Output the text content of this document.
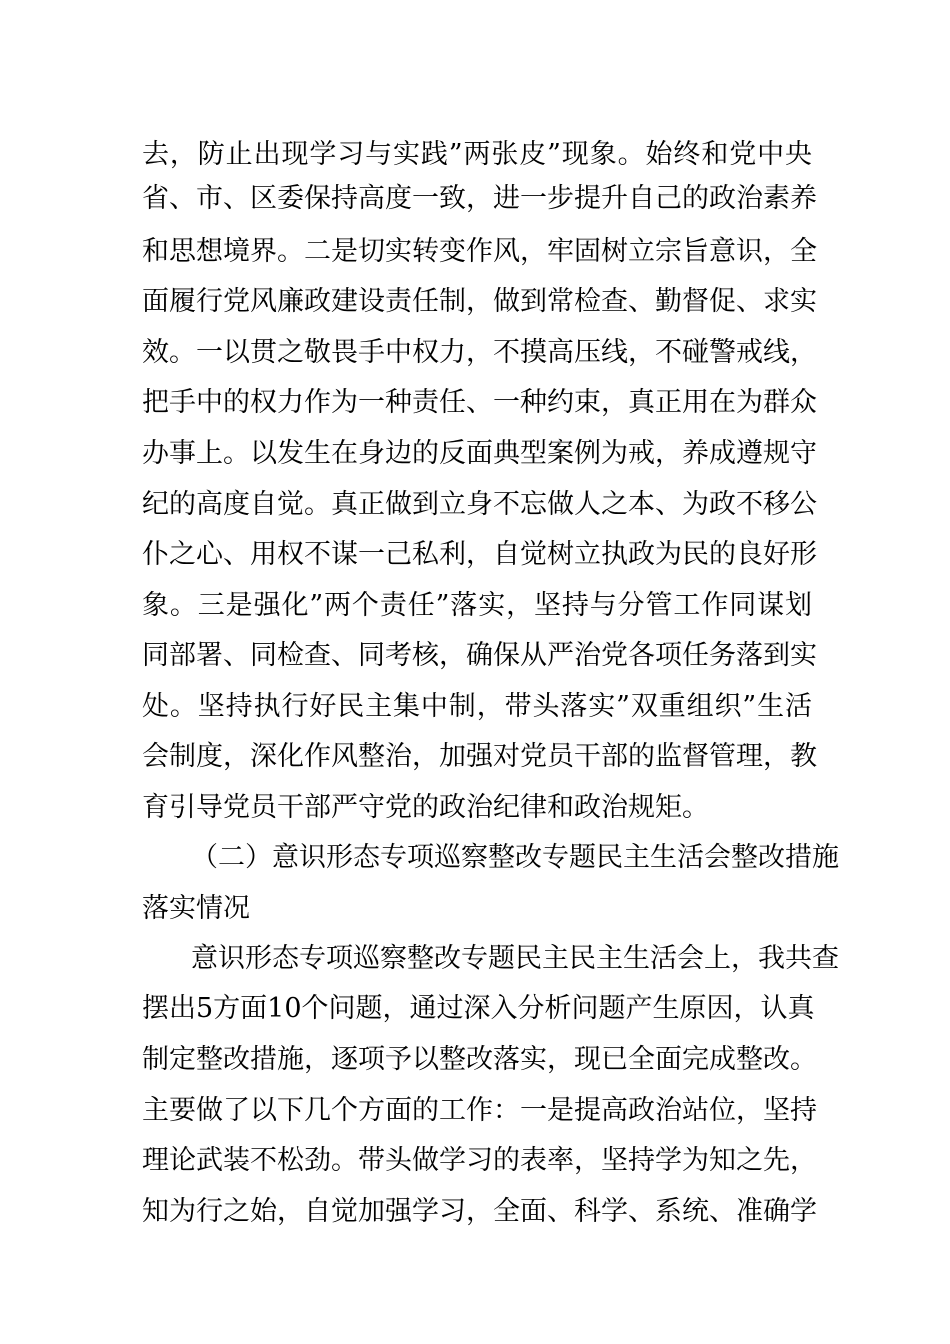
去，防止出现学习与实践”两张皮”现象。始终和党中央
省、市、区委保持高度一致，进一步提升自己的政治素养
和思想境界。二是切实转变作风，牢固树立宗旨意识，全
面履行党风廉政建设责任制，做到常检查、勤督促、求实
效。一以贯之敬畏手中权力，不摸高压线，不碰警戒线，
把手中的权力作为一种责任、一种约束，真正用在为群众
办事上。以发生在身边的反面典型案例为戒，养成遵规守
纪的高度自觉。真正做到立身不忘做人之本、为政不移公
仆之心、用权不谋一己私利，自觉树立执政为民的良好形
象。三是强化”两个责任”落实，坚持与分管工作同谋划
同部署、同检查、同考核，确保从严治党各项任务落到实
处。坚持执行好民主集中制，带头落实”双重组织”生活
会制度，深化作风整治，加强对党员干部的监督管理，教
育引导党员干部严守党的政治纪律和政治规矩。
（二）意识形态专项巡察整改专题民主生活会整改措施
落实情况
意识形态专项巡察整改专题民主民主生活会上，我共查
摆出5方面10个问题，通过深入分析问题产生原因，认真
制定整改措施，逐项予以整改落实，现已全面完成整改。
主要做了以下几个方面的工作：一是提高政治站位，坚持
理论武装不松劲。带头做学习的表率，坚持学为知之先，
知为行之始，自觉加强学习，全面、科学、系统、准确学
